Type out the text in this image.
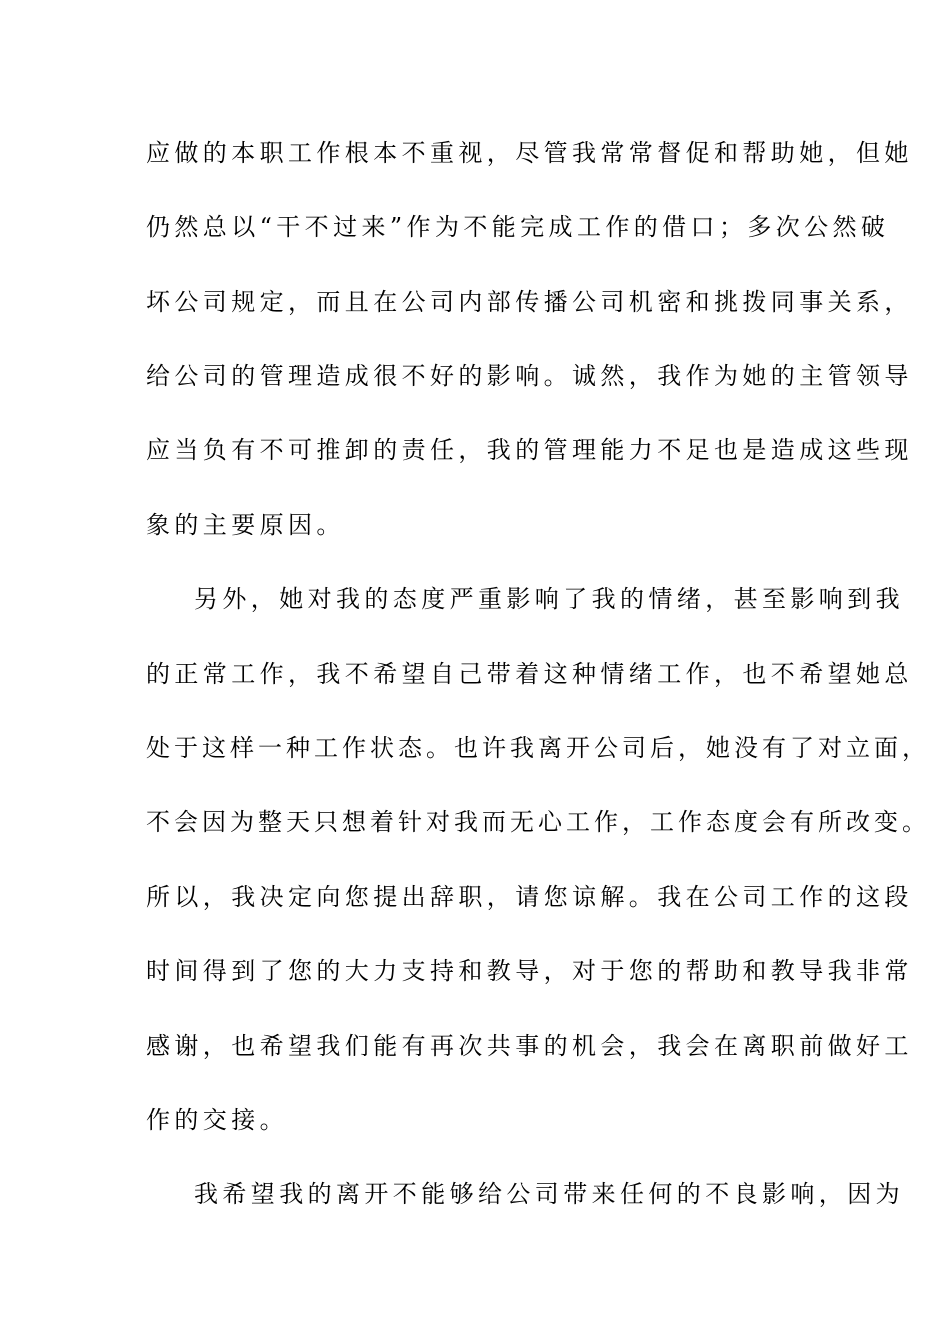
应做的本职工作根本不重视，尽管我常常督促和帮助她，但她
仍然总以“干不过来”作为不能完成工作的借口；多次公然破
坏公司规定，而且在公司内部传播公司机密和挑拨同事关系，
给公司的管理造成很不好的影响。诚然，我作为她的主管领导
应当负有不可推卸的责任，我的管理能力不足也是造成这些现
象的主要原因。
另外，她对我的态度严重影响了我的情绪，甚至影响到我
的正常工作，我不希望自己带着这种情绪工作，也不希望她总
处于这样一种工作状态。也许我离开公司后，她没有了对立面，
不会因为整天只想着针对我而无心工作，工作态度会有所改变。
所以，我决定向您提出辞职，请您谅解。我在公司工作的这段
时间得到了您的大力支持和教导，对于您的帮助和教导我非常
感谢，也希望我们能有再次共事的机会，我会在离职前做好工
作的交接。
我希望我的离开不能够给公司带来任何的不良影响，因为
